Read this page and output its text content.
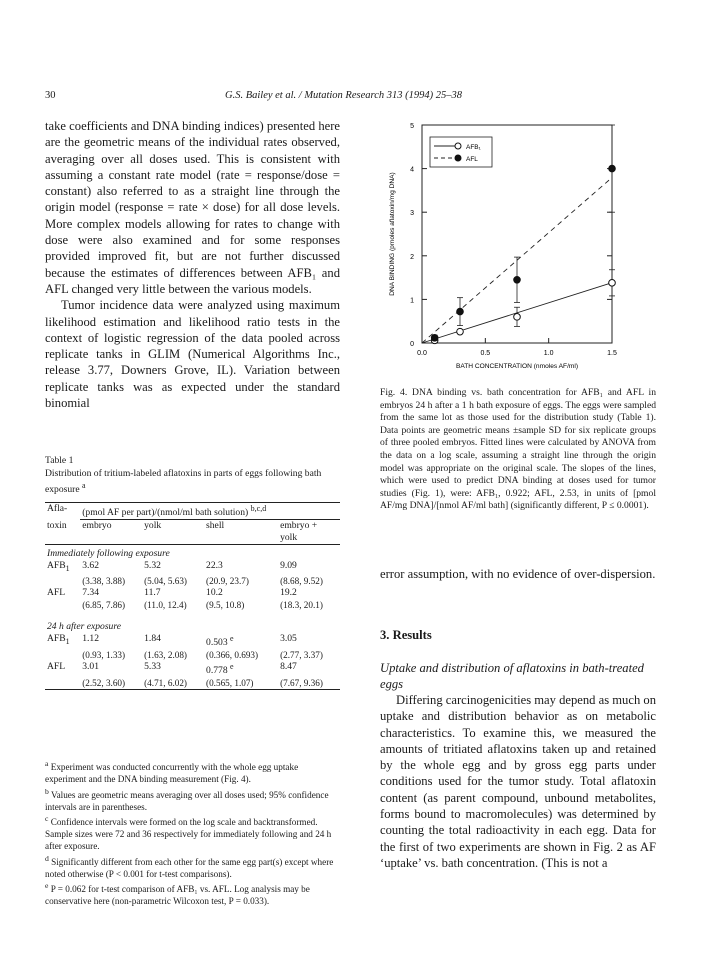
30	G.S. Bailey et al. / Mutation Research 313 (1994) 25–38

take coefficients and DNA binding indices) presented here are the geometric means of the individual rates observed, averaging over all doses used. This is consistent with assuming a constant rate model (rate = response/dose = constant) also referred to as a straight line through the origin model (response = rate × dose) for all dose levels. More complex models allowing for rates to change with dose were also examined and for some responses provided improved fit, but are not further discussed because the estimates of differences between AFB₁ and AFL changed very little between the various models.

Tumor incidence data were analyzed using maximum likelihood estimation and likelihood ratio tests in the context of logistic regression of the data pooled across replicate tanks in GLIM (Numerical Algorithms Inc., release 3.77, Downers Grove, IL). Variation between replicate tanks was as expected under the standard binomial

Table 1
Distribution of tritium-labeled aflatoxins in parts of eggs following bath exposure $^a$
Afla-	(pmol AF per part)/(nmol/ml bath solution) $^{b,c,d}$
toxin	embryo	yolk	shell	embryo +
				yolk
Immediately following exposure				
$AFB_1$	3.62	5.32	22.3	9.09
	(3.38, 3.88)	(5.04, 5.63)	(20.9, 23.7)	(8.68, 9.52)
AFL	7.34	11.7	10.2	19.2
	(6.85, 7.86)	(11.0, 12.4)	(9.5, 10.8)	(18.3, 20.1)
24 h after exposure				
$AFB_1$	1.12	1.84	0.503 $^e$	3.05
	(0.93, 1.33)	(1.63, 2.08)	(0.366, 0.693)	(2.77, 3.37)
AFL	3.01	5.33	0.778 $^e$	8.47
	(2.52, 3.60)	(4.71, 6.02)	(0.565, 1.07)	(7.67, 9.36)

$^a$ Experiment was conducted concurrently with the whole egg uptake experiment and the DNA binding measurement (Fig. 4).

$^b$ Values are geometric means averaging over all doses used; 95% confidence intervals are in parentheses.

$^c$ Confidence intervals were formed on the log scale and backtransformed. Sample sizes were 72 and 36 respectively for immediately following and 24 h after exposure.

$^d$ Significantly different from each other for the same egg part(s) except where noted otherwise (P < 0.001 for t-test comparisons).

$^e$ P = 0.062 for t-test comparison of AFB₁ vs. AFL. Log analysis may be conservative here (non-parametric Wilcoxon test, P = 0.033).

0
1
2
3
4
5
0.0	0.5	1.0	1.5
BATH CONCENTRATION (nmoles AF/ml)
DNA BINDING (pmoles aflatoxin/mg DNA)
AFB₁
AFL
Fig. 4. DNA binding vs. bath concentration for AFB₁ and AFL in embryos 24 h after a 1 h bath exposure of eggs. The eggs were sampled from the same lot as those used for the distribution study (Table 1). Data points are geometric means ±sample SD for six replicate groups of three pooled embryos. Fitted lines were calculated by ANOVA from the data on a log scale, assuming a straight line through the origin model was appropriate on the original scale. The slopes of the lines, which were used to predict DNA binding at doses used for tumor studies (Fig. 1), were: AFB₁, 0.922; AFL, 2.53, in units of [pmol AF/mg DNA]/[nmol AF/ml bath] (significantly different, P ≤ 0.0001).

error assumption, with no evidence of over-dispersion.

3. Results
Uptake and distribution of aflatoxins in bath-treated eggs

Differing carcinogenicities may depend as much on uptake and distribution behavior as on metabolic characteristics. To examine this, we measured the amounts of tritiated aflatoxins taken up and retained by the whole egg and by gross egg parts under conditions used for the tumor study. Total aflatoxin content (as parent compound, unbound metabolites, forms bound to macromolecules) was determined by counting the total radioactivity in each egg. Data for the first of two experiments are shown in Fig. 2 as AF ‘uptake’ vs. bath concentration. (This is not a
